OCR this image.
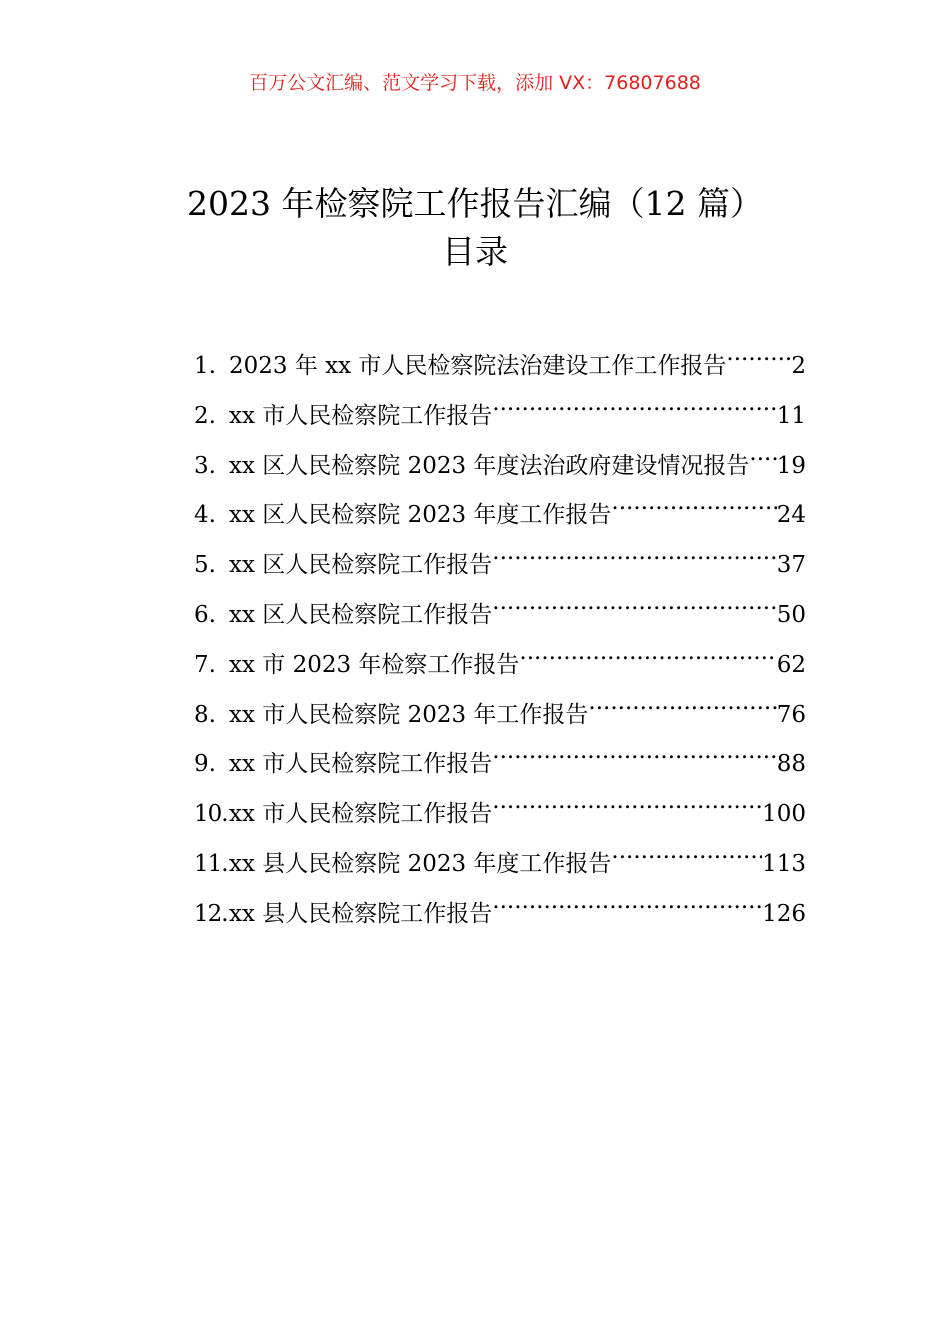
百万公文汇编、范文学习下载，添加 VX：76807688
2023 年检察院工作报告汇编（12 篇）
目录
1. 2023 年 xx 市人民检察院法治建设工作工作报告 .....	2
2. xx 市人民检察院工作报告 .....	11
3. xx 区人民检察院 2023 年度法治政府建设情况报告 ..... 19
4. xx 区人民检察院 2023 年度工作报告 .....	24
5. xx 区人民检察院工作报告 .....	37
6. xx 区人民检察院工作报告 .....	50
7. xx 市 2023 年检察工作报告 .....	62
8. xx 市人民检察院 2023 年工作报告 .....	76
9. xx 市人民检察院工作报告 .....	88
10. xx 市人民检察院工作报告 .....	100
11. xx 县人民检察院 2023 年度工作报告 .....	113
12. xx 县人民检察院工作报告 .....	126
